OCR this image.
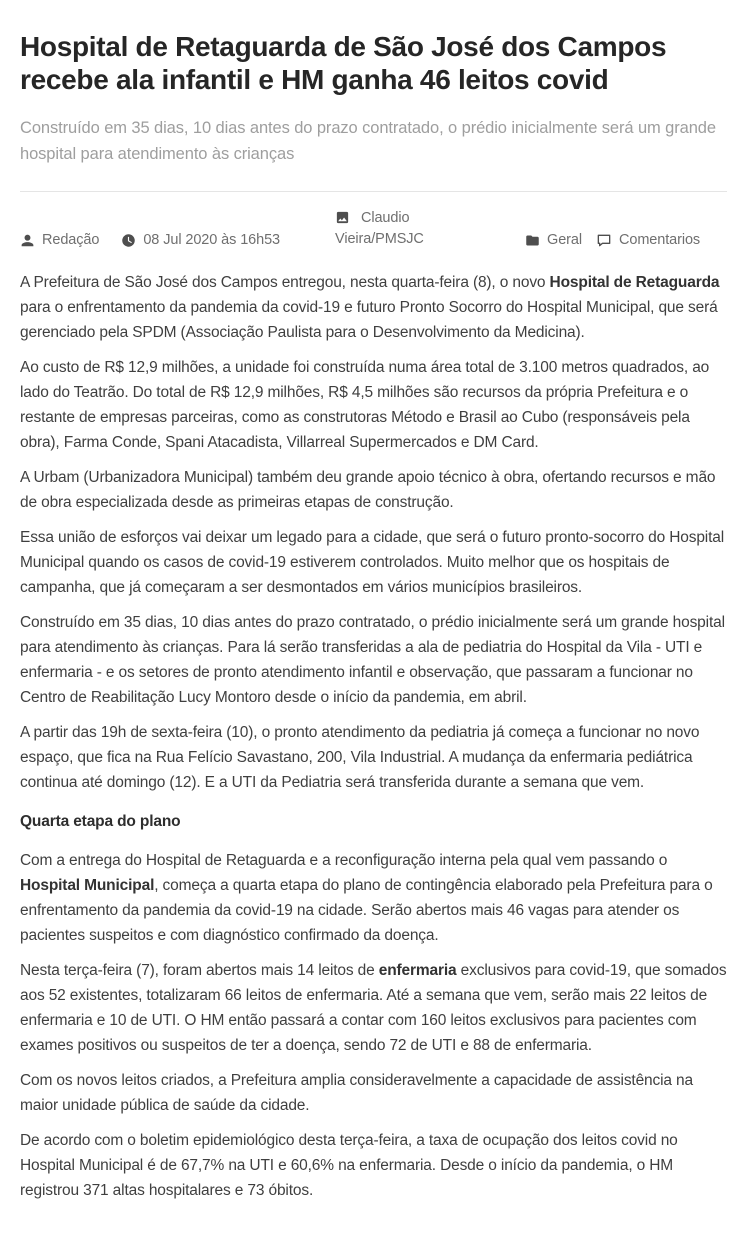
Hospital de Retaguarda de São José dos Campos recebe ala infantil e HM ganha 46 leitos covid

Construído em 35 dias, 10 dias antes do prazo contratado, o prédio inicialmente será um grande hospital para atendimento às crianças

Redação	08 Jul 2020 às 16h53
Claudio Vieira/PMSJC	Geral	Comentarios

A Prefeitura de São José dos Campos entregou, nesta quarta-feira (8), o novo Hospital de Retaguarda para o enfrentamento da pandemia da covid-19 e futuro Pronto Socorro do Hospital Municipal, que será gerenciado pela SPDM (Associação Paulista para o Desenvolvimento da Medicina).

Ao custo de R$ 12,9 milhões, a unidade foi construída numa área total de 3.100 metros quadrados, ao lado do Teatrão. Do total de R$ 12,9 milhões, R$ 4,5 milhões são recursos da própria Prefeitura e o restante de empresas parceiras, como as construtoras Método e Brasil ao Cubo (responsáveis pela obra), Farma Conde, Spani Atacadista, Villarreal Supermercados e DM Card.

A Urbam (Urbanizadora Municipal) também deu grande apoio técnico à obra, ofertando recursos e mão de obra especializada desde as primeiras etapas de construção.

Essa união de esforços vai deixar um legado para a cidade, que será o futuro pronto-socorro do Hospital Municipal quando os casos de covid-19 estiverem controlados. Muito melhor que os hospitais de campanha, que já começaram a ser desmontados em vários municípios brasileiros.

Construído em 35 dias, 10 dias antes do prazo contratado, o prédio inicialmente será um grande hospital para atendimento às crianças. Para lá serão transferidas a ala de pediatria do Hospital da Vila - UTI e enfermaria - e os setores de pronto atendimento infantil e observação, que passaram a funcionar no Centro de Reabilitação Lucy Montoro desde o início da pandemia, em abril.

A partir das 19h de sexta-feira (10), o pronto atendimento da pediatria já começa a funcionar no novo espaço, que fica na Rua Felício Savastano, 200, Vila Industrial. A mudança da enfermaria pediátrica continua até domingo (12). E a UTI da Pediatria será transferida durante a semana que vem.

Quarta etapa do plano

Com a entrega do Hospital de Retaguarda e a reconfiguração interna pela qual vem passando o Hospital Municipal, começa a quarta etapa do plano de contingência elaborado pela Prefeitura para o enfrentamento da pandemia da covid-19 na cidade. Serão abertos mais 46 vagas para atender os pacientes suspeitos e com diagnóstico confirmado da doença.

Nesta terça-feira (7), foram abertos mais 14 leitos de enfermaria exclusivos para covid-19, que somados aos 52 existentes, totalizaram 66 leitos de enfermaria. Até a semana que vem, serão mais 22 leitos de enfermaria e 10 de UTI. O HM então passará a contar com 160 leitos exclusivos para pacientes com exames positivos ou suspeitos de ter a doença, sendo 72 de UTI e 88 de enfermaria.

Com os novos leitos criados, a Prefeitura amplia consideravelmente a capacidade de assistência na maior unidade pública de saúde da cidade.

De acordo com o boletim epidemiológico desta terça-feira, a taxa de ocupação dos leitos covid no Hospital Municipal é de 67,7% na UTI e 60,6% na enfermaria. Desde o início da pandemia, o HM registrou 371 altas hospitalares e 73 óbitos.
